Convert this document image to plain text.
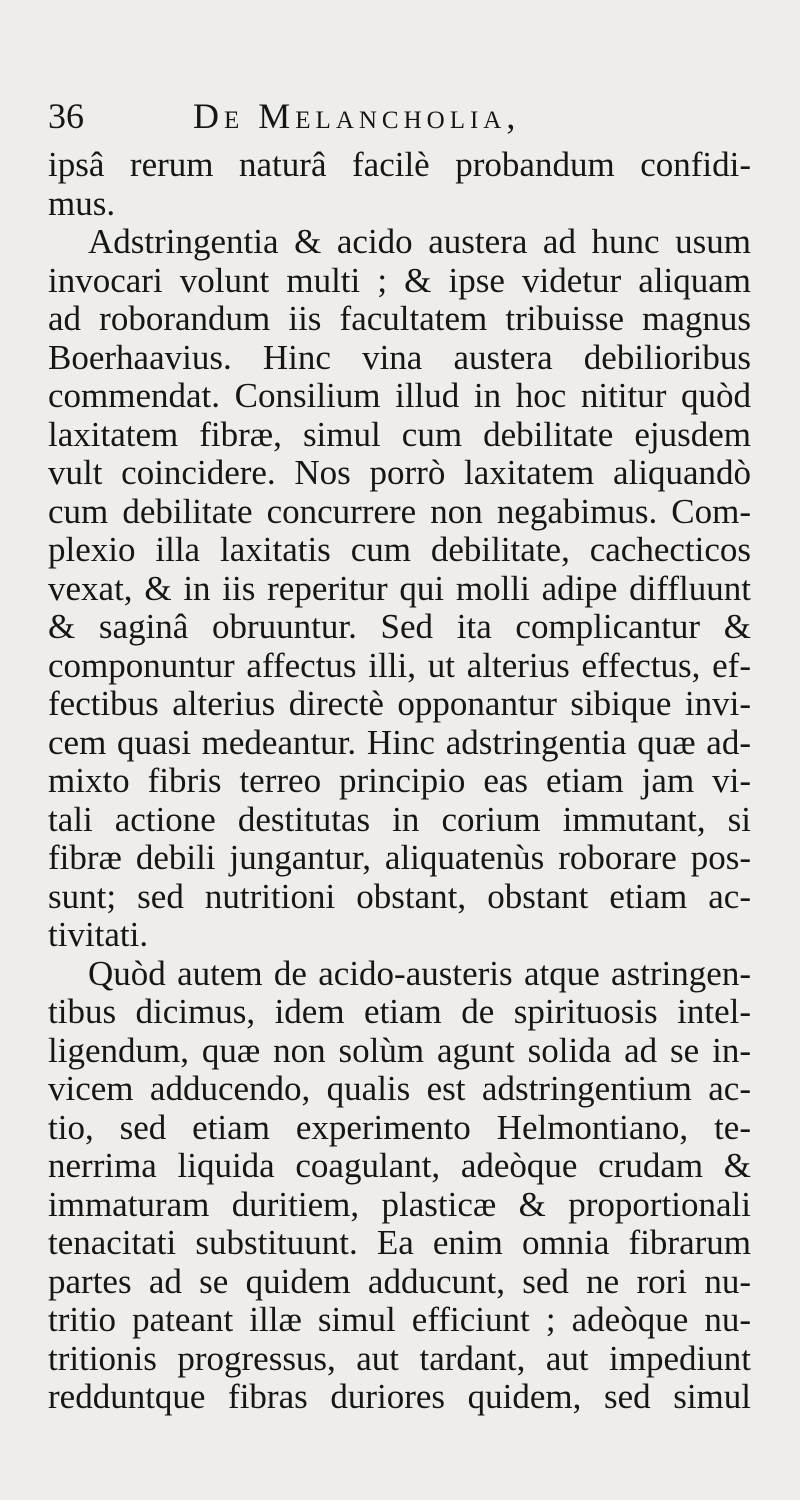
36	De Melancholia,
ipsâ rerum naturâ facilè probandum confidi-
mus.
Adstringentia & acido austera ad hunc usum
invocari volunt multi ; & ipse videtur aliquam
ad roborandum iis facultatem tribuisse magnus
Boerhaavius. Hinc vina austera debilioribus
commendat. Consilium illud in hoc nititur quòd
laxitatem fibræ, simul cum debilitate ejusdem
vult coincidere. Nos porrò laxitatem aliquandò
cum debilitate concurrere non negabimus. Com-
plexio illa laxitatis cum debilitate, cachecticos
vexat, & in iis reperitur qui molli adipe diffluunt
& saginâ obruuntur. Sed ita complicantur &
componuntur affectus illi, ut alterius effectus, ef-
fectibus alterius directè opponantur sibique invi-
cem quasi medeantur. Hinc adstringentia quæ ad-
mixto fibris terreo principio eas etiam jam vi-
tali actione destitutas in corium immutant, si
fibræ debili jungantur, aliquatenùs roborare pos-
sunt; sed nutritioni obstant, obstant etiam ac-
tivitati.
Quòd autem de acido-austeris atque astringen-
tibus dicimus, idem etiam de spirituosis intel-
ligendum, quæ non solùm agunt solida ad se in-
vicem adducendo, qualis est adstringentium ac-
tio, sed etiam experimento Helmontiano, te-
nerrima liquida coagulant, adeòque crudam &
immaturam duritiem, plasticæ & proportionali
tenacitati substituunt. Ea enim omnia fibrarum
partes ad se quidem adducunt, sed ne rori nu-
tritio pateant illæ simul efficiunt ; adeòque nu-
tritionis progressus, aut tardant, aut impediunt
redduntque fibras duriores quidem, sed simul
